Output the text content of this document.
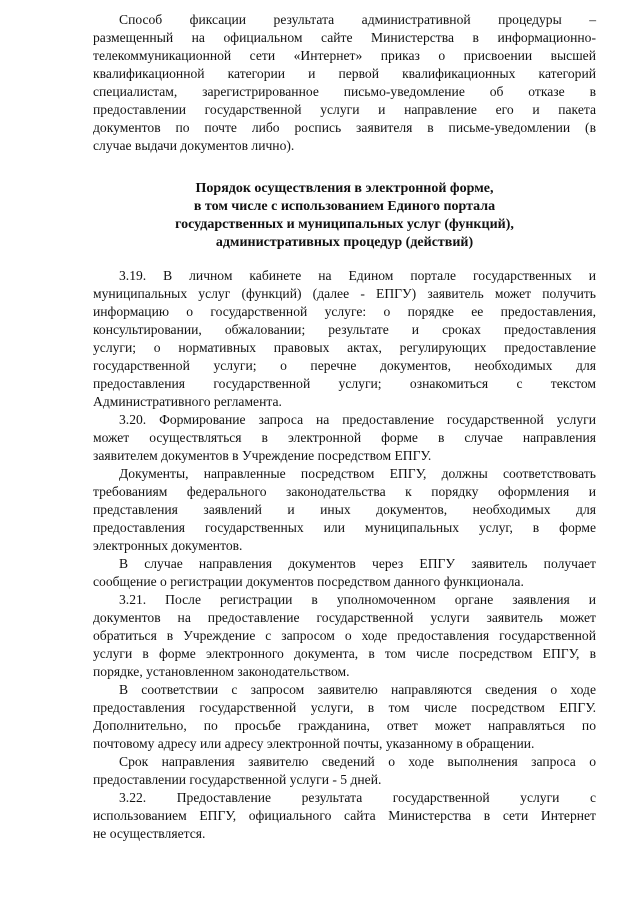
Способ фиксации результата административной процедуры –
размещенный на официальном сайте Министерства в информационно-
телекоммуникационной сети «Интернет» приказ о присвоении высшей
квалификационной категории и первой квалификационных категорий
специалистам, зарегистрированное письмо-уведомление об отказе в
предоставлении государственной услуги и направление его и пакета
документов по почте либо роспись заявителя в письме-уведомлении (в
случае выдачи документов лично).
Порядок осуществления в электронной форме,
в том числе с использованием Единого портала
государственных и муниципальных услуг (функций),
административных процедур (действий)
3.19. В личном кабинете на Едином портале государственных и
муниципальных услуг (функций) (далее - ЕПГУ) заявитель может получить
информацию о государственной услуге: о порядке ее предоставления,
консультировании, обжаловании; результате и сроках предоставления
услуги; о нормативных правовых актах, регулирующих предоставление
государственной услуги; о перечне документов, необходимых для
предоставления государственной услуги; ознакомиться с текстом
Административного регламента.
3.20. Формирование запроса на предоставление государственной услуги
может осуществляться в электронной форме в случае направления
заявителем документов в Учреждение посредством ЕПГУ.
Документы, направленные посредством ЕПГУ, должны соответствовать
требованиям федерального законодательства к порядку оформления и
представления заявлений и иных документов, необходимых для
предоставления государственных или муниципальных услуг, в форме
электронных документов.
В случае направления документов через ЕПГУ заявитель получает
сообщение о регистрации документов посредством данного функционала.
3.21. После регистрации в уполномоченном органе заявления и
документов на предоставление государственной услуги заявитель может
обратиться в Учреждение с запросом о ходе предоставления государственной
услуги в форме электронного документа, в том числе посредством ЕПГУ, в
порядке, установленном законодательством.
В соответствии с запросом заявителю направляются сведения о ходе
предоставления государственной услуги, в том числе посредством ЕПГУ.
Дополнительно, по просьбе гражданина, ответ может направляться по
почтовому адресу или адресу электронной почты, указанному в обращении.
Срок направления заявителю сведений о ходе выполнения запроса о
предоставлении государственной услуги - 5 дней.
3.22. Предоставление результата государственной услуги с
использованием ЕПГУ, официального сайта Министерства в сети Интернет
не осуществляется.
